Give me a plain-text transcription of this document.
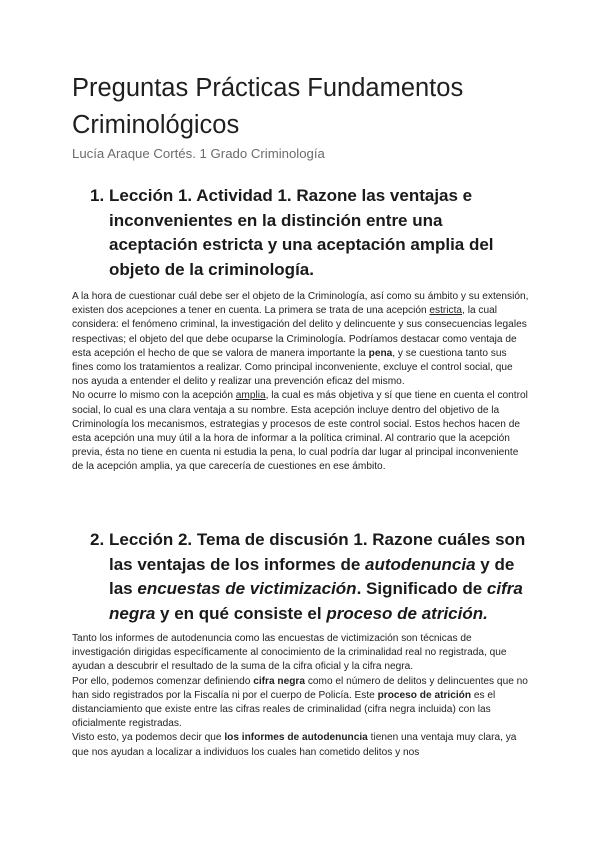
Preguntas Prácticas Fundamentos Criminológicos

Lucía Araque Cortés. 1 Grado Criminología

1. Lección 1. Actividad 1. Razone las ventajas e inconvenientes en la distinción entre una aceptación estricta y una aceptación amplia del objeto de la criminología.

A la hora de cuestionar cuál debe ser el objeto de la Criminología, así como su ámbito y su extensión, existen dos acepciones a tener en cuenta. La primera se trata de una acepción estricta, la cual considera: el fenómeno criminal, la investigación del delito y delincuente y sus consecuencias legales respectivas; el objeto del que debe ocuparse la Criminología. Podríamos destacar como ventaja de esta acepción el hecho de que se valora de manera importante la pena, y se cuestiona tanto sus fines como los tratamientos a realizar. Como principal inconveniente, excluye el control social, que nos ayuda a entender el delito y realizar una prevención eficaz del mismo.

No ocurre lo mismo con la acepción amplia, la cual es más objetiva y sí que tiene en cuenta el control social, lo cual es una clara ventaja a su nombre. Esta acepción incluye dentro del objetivo de la Criminología los mecanismos, estrategias y procesos de este control social. Estos hechos hacen de esta acepción una muy útil a la hora de informar a la política criminal. Al contrario que la acepción previa, ésta no tiene en cuenta ni estudia la pena, lo cual podría dar lugar al principal inconveniente de la acepción amplia, ya que carecería de cuestiones en ese ámbito.

2. Lección 2. Tema de discusión 1. Razone cuáles son las ventajas de los informes de autodenuncia y de las encuestas de victimización. Significado de cifra negra y en qué consiste el proceso de atrición.

Tanto los informes de autodenuncia como las encuestas de victimización son técnicas de investigación dirigidas específicamente al conocimiento de la criminalidad real no registrada, que ayudan a descubrir el resultado de la suma de la cifra oficial y la cifra negra.

Por ello, podemos comenzar definiendo cifra negra como el número de delitos y delincuentes que no han sido registrados por la Fiscalía ni por el cuerpo de Policía. Este proceso de atrición es el distanciamiento que existe entre las cifras reales de criminalidad (cifra negra incluida) con las oficialmente registradas.

Visto esto, ya podemos decir que los informes de autodenuncia tienen una ventaja muy clara, ya que nos ayudan a localizar a individuos los cuales han cometido delitos y nos
